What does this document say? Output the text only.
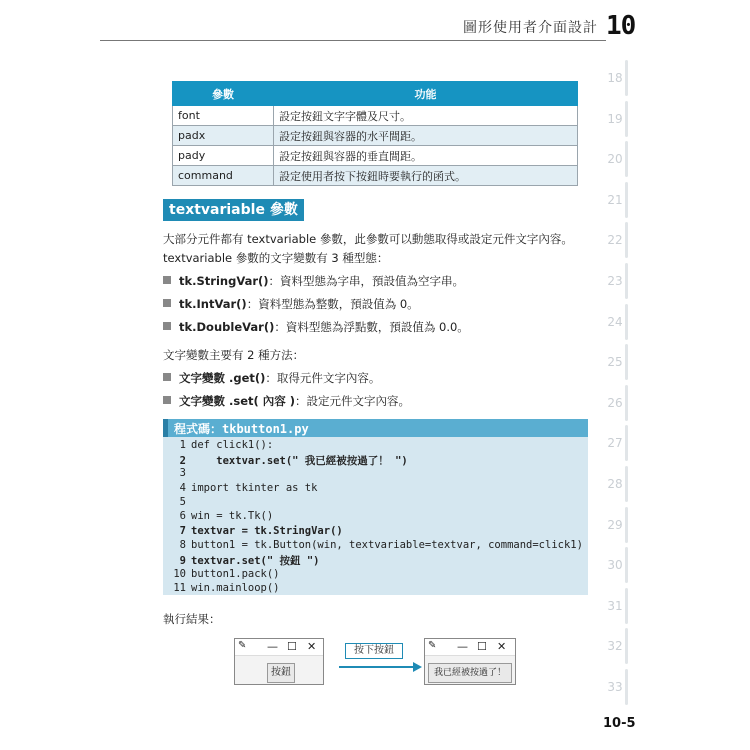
圖形使用者介面設計 10
18
19
20
21
22
23
24
25
26
27
28
29
30
31
32
33
參數	功能
font	設定按鈕文字字體及尺寸。
padx	設定按鈕與容器的水平間距。
pady	設定按鈕與容器的垂直間距。
command	設定使用者按下按鈕時要執行的函式。
textvariable 參數
大部分元件都有 textvariable 參數，此參數可以動態取得或設定元件文字內容。
textvariable 參數的文字變數有 3 種型態：
tk.StringVar()：資料型態為字串，預設值為空字串。
tk.IntVar()：資料型態為整數，預設值為 0。
tk.DoubleVar()：資料型態為浮點數，預設值為 0.0。
文字變數主要有 2 種方法：
文字變數 .get()：取得元件文字內容。
文字變數 .set( 內容 )：設定元件文字內容。
程式碼：tkbutton1.py
1 def click1():
2    textvar.set(" 我已經被按過了！ ")
3
4 import tkinter as tk
5
6 win = tk.Tk()
7 textvar = tk.StringVar()
8 button1 = tk.Button(win, textvariable=textvar, command=click1)
9 textvar.set(" 按鈕 ")
10 button1.pack()
11 win.mainloop()
執行結果：
✎ — ☐ ✕
按鈕
按下按鈕	✎ — ☐ ✕
我已經被按過了！
10-5
